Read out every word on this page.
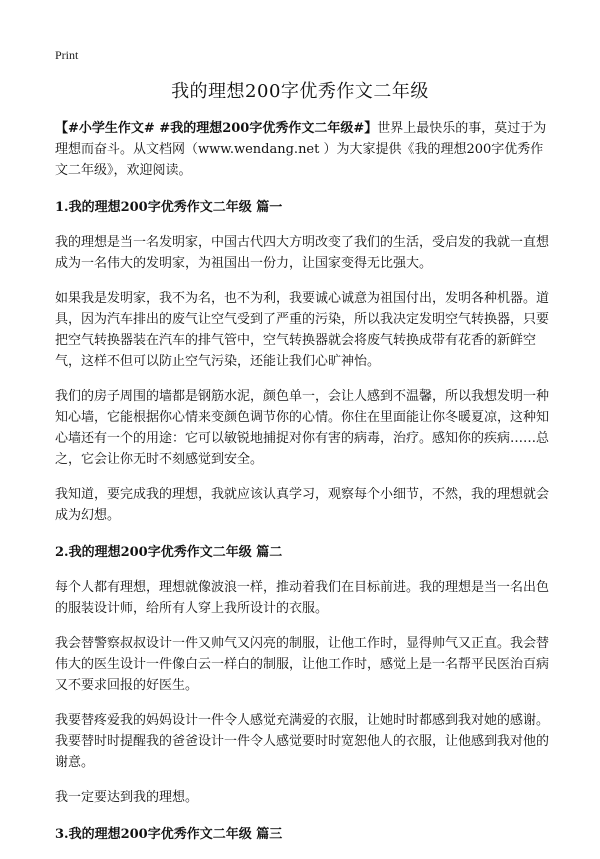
Print
我的理想200字优秀作文二年级

【#小学生作文# #我的理想200字优秀作文二年级#】世界上最快乐的事，莫过于为理想而奋斗。从文档网（www.wendang.net ）为大家提供《我的理想200字优秀作文二年级》，欢迎阅读。

1.我的理想200字优秀作文二年级 篇一

我的理想是当一名发明家，中国古代四大方明改变了我们的生活，受启发的我就一直想成为一名伟大的发明家，为祖国出一份力，让国家变得无比强大。

如果我是发明家，我不为名，也不为利，我要诚心诚意为祖国付出，发明各种机器。道具，因为汽车排出的废气让空气受到了严重的污染，所以我决定发明空气转换器，只要把空气转换器装在汽车的排气管中，空气转换器就会将废气转换成带有花香的新鲜空气，这样不但可以防止空气污染，还能让我们心旷神怡。

我们的房子周围的墙都是钢筋水泥，颜色单一，会让人感到不温馨，所以我想发明一种知心墙，它能根据你心情来变颜色调节你的心情。你住在里面能让你冬暖夏凉，这种知心墙还有一个的用途：它可以敏锐地捕捉对你有害的病毒，治疗。感知你的疾病……总之，它会让你无时不刻感觉到安全。

我知道，要完成我的理想，我就应该认真学习，观察每个小细节，不然，我的理想就会成为幻想。

2.我的理想200字优秀作文二年级 篇二

每个人都有理想，理想就像波浪一样，推动着我们在目标前进。我的理想是当一名出色的服装设计师，给所有人穿上我所设计的衣服。

我会替警察叔叔设计一件又帅气又闪亮的制服，让他工作时，显得帅气又正直。我会替伟大的医生设计一件像白云一样白的制服，让他工作时，感觉上是一名帮平民医治百病又不要求回报的好医生。

我要替疼爱我的妈妈设计一件令人感觉充满爱的衣服，让她时时都感到我对她的感谢。我要替时时提醒我的爸爸设计一件令人感觉要时时宽恕他人的衣服，让他感到我对他的谢意。

我一定要达到我的理想。

3.我的理想200字优秀作文二年级 篇三
